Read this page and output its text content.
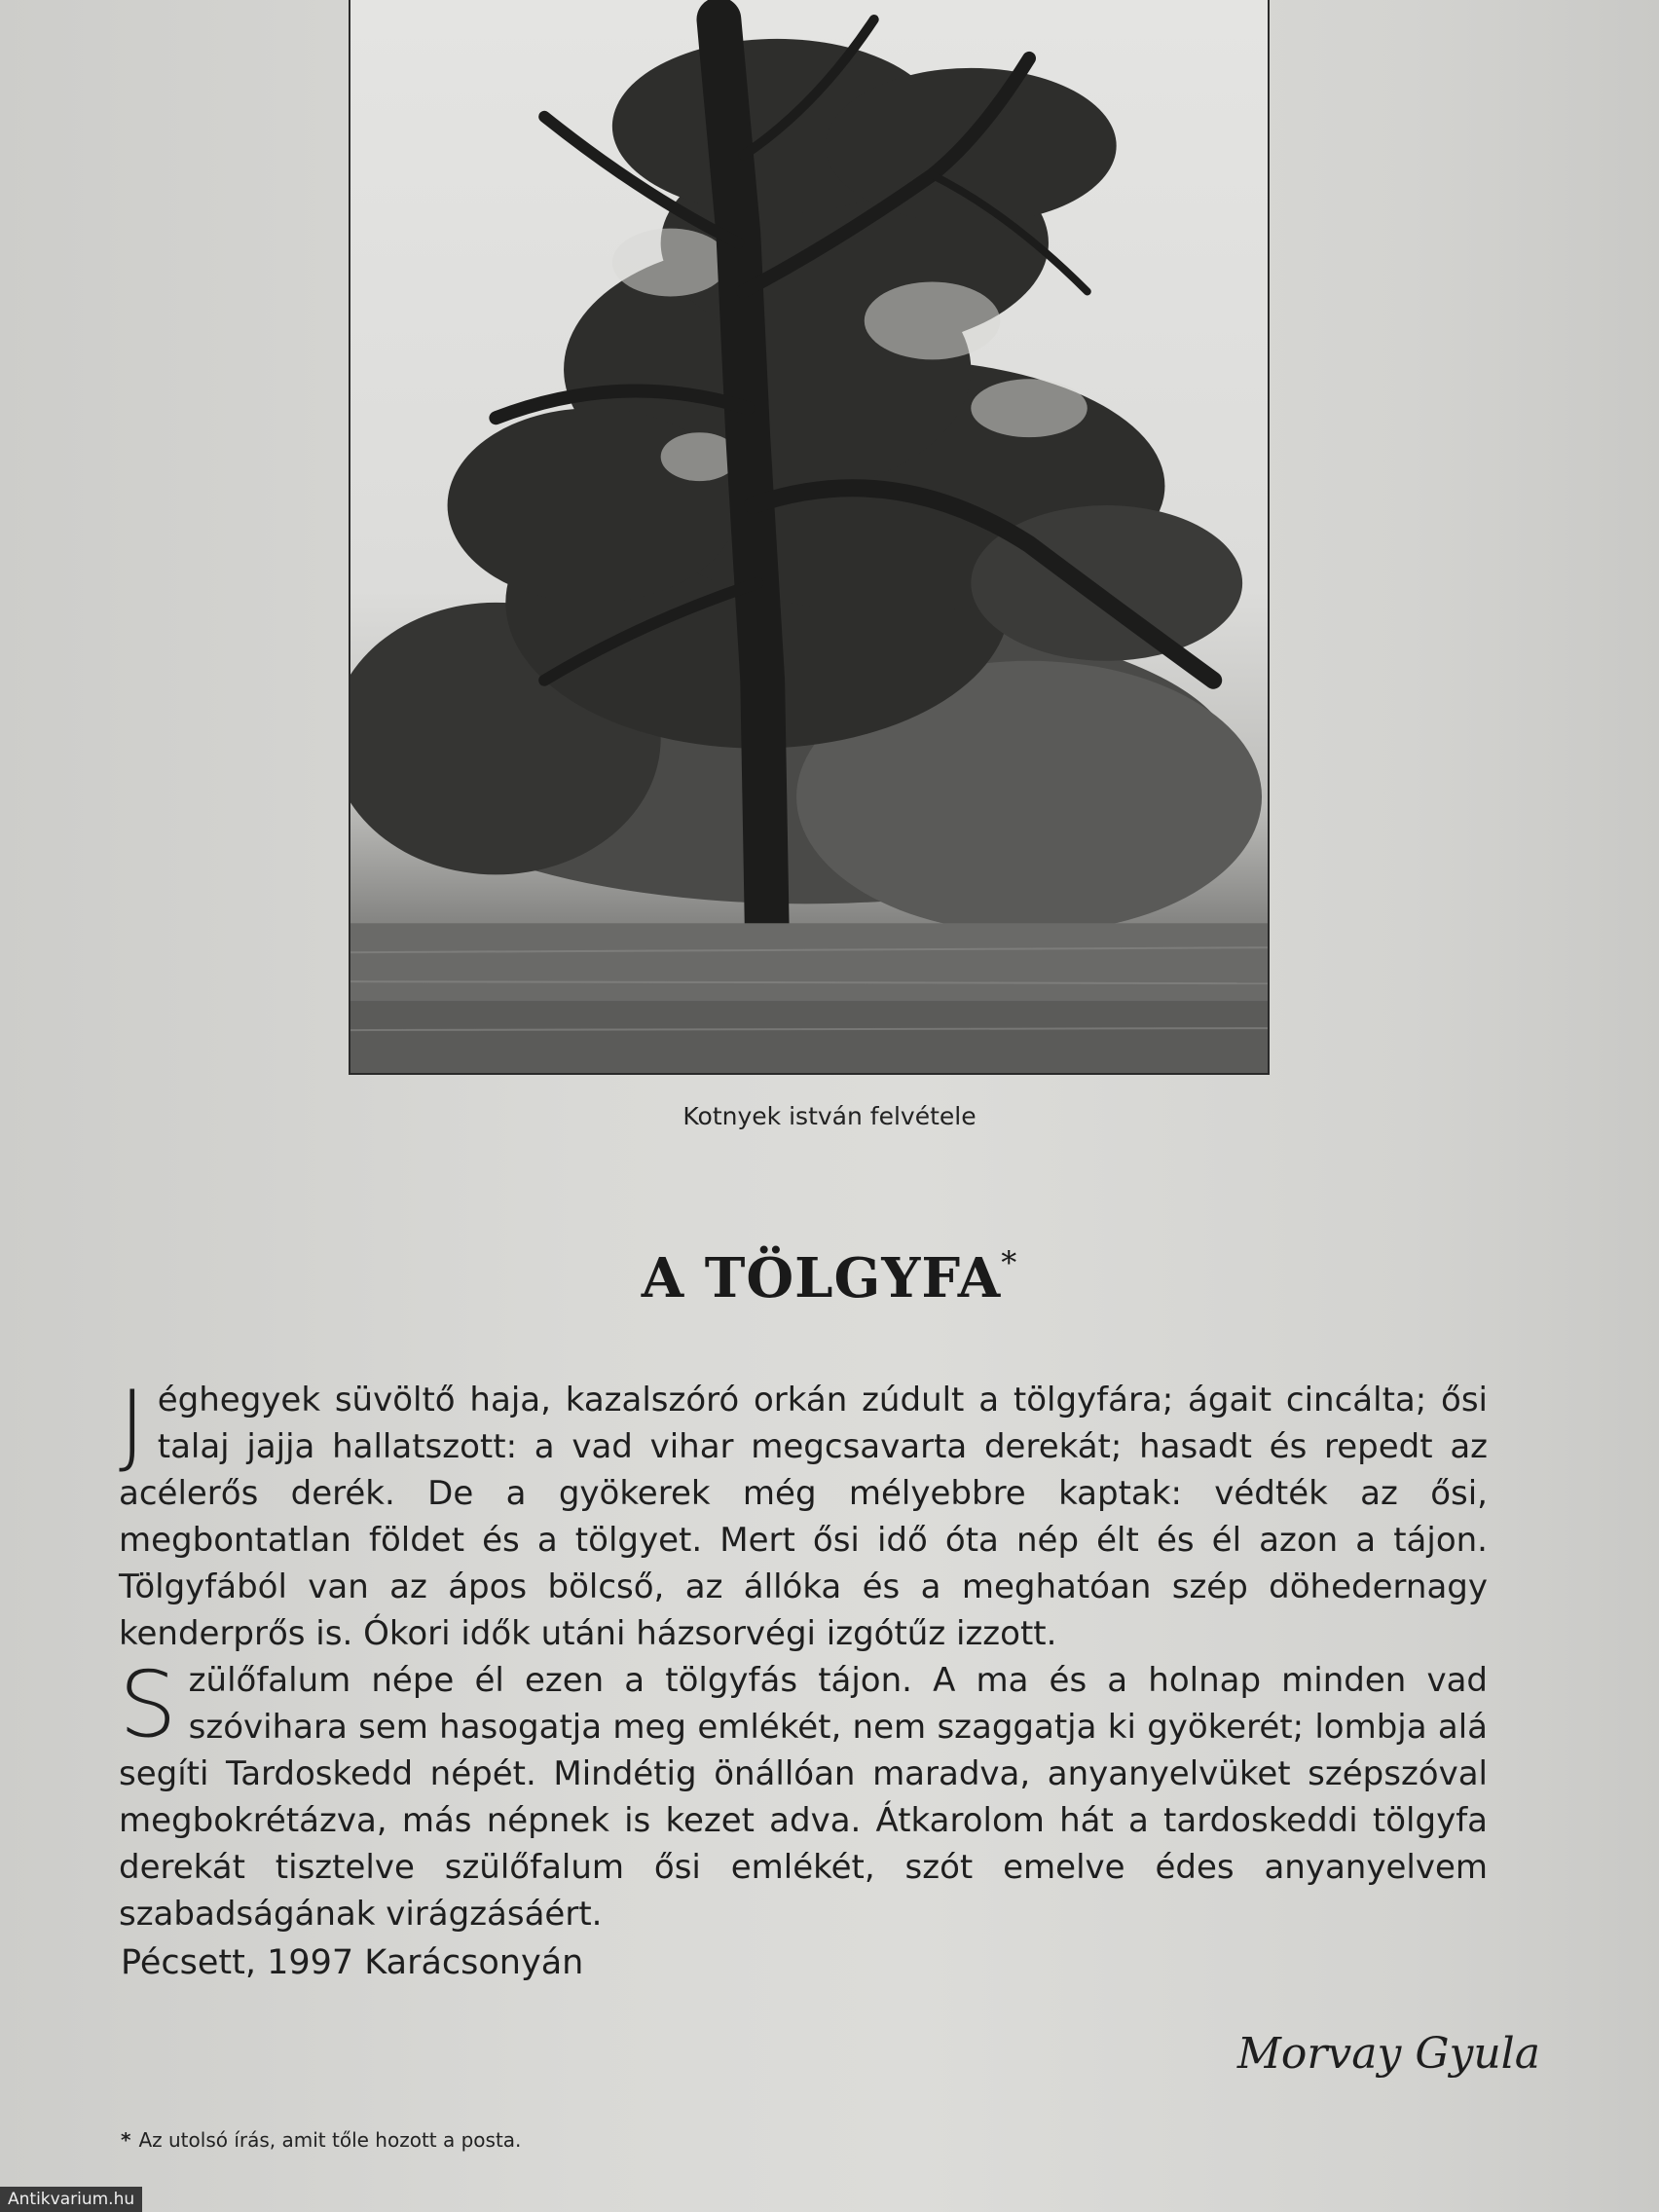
Kotnyek istván felvétele
A TÖLGYFA*

Jéghegyek süvöltő haja, kazalszóró orkán zúdult a tölgyfára; ágait cincálta; ősi talaj jajja hallatszott: a vad vihar megcsavarta derekát; hasadt és repedt az acélerős derék. De a gyökerek még mélyebbre kaptak: védték az ősi, megbontatlan földet és a tölgyet. Mert ősi idő óta nép élt és él azon a tájon. Tölgyfából van az ápos bölcső, az állóka és a meghatóan szép döhedernagy kenderprős is. Ókori idők utáni házsorvégi izgótűz izzott.

Szülőfalum népe él ezen a tölgyfás tájon. A ma és a holnap minden vad szóvihara sem hasogatja meg emlékét, nem szaggatja ki gyökerét; lombja alá segíti Tardoskedd népét. Mindétig önállóan maradva, anyanyelvüket szépszóval megbokrétázva, más népnek is kezet adva. Átkarolom hát a tardoskeddi tölgyfa derekát tisztelve szülőfalum ősi emlékét, szót emelve édes anyanyelvem szabadságának virágzásáért.

Pécsett, 1997 Karácsonyán
Morvay Gyula
* Az utolsó írás, amit tőle hozott a posta.
Antikvarium.hu
